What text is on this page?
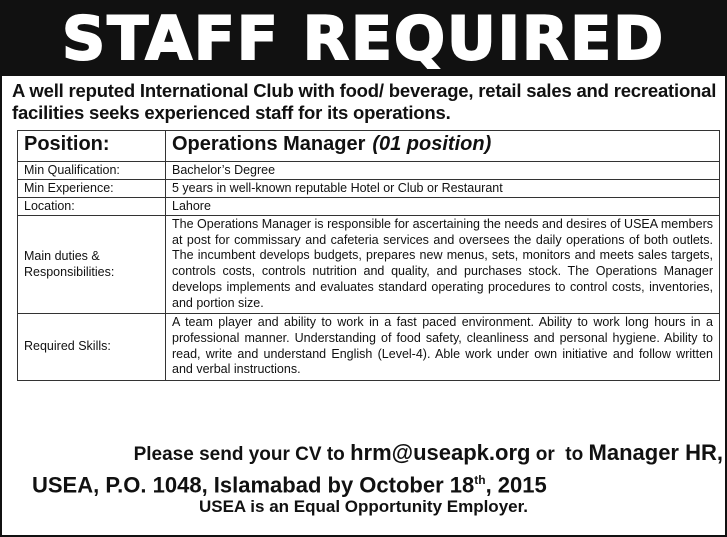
STAFF REQUIRED
A well reputed International Club with food/ beverage, retail sales and recreational facilities seeks experienced staff for its operations.
Position:	Operations Manager (01 position)
Min Qualification:	Bachelor’s Degree
Min Experience:	5 years in well-known reputable Hotel or Club or Restaurant
Location:	Lahore

Main duties &
Responsibilities:	The Operations Manager is responsible for ascertaining the needs and desires of USEA members at post for commissary and cafeteria services and oversees the daily operations of both outlets. The incumbent develops budgets, prepares new menus, sets, monitors and meets sales targets, controls costs, controls nutrition and quality, and purchases stock. The Operations Manager develops implements and evaluates standard operating procedures to control costs, inventories, and portion size.
Required Skills:	A team player and ability to work in a fast paced environment. Ability to work long hours in a professional manner. Understanding of food safety, cleanliness and personal hygiene. Ability to read, write and understand English (Level-4). Able work under own initiative and follow written and verbal instructions.
Please send your CV to hrm@useapk.org or to Manager HR,
USEA, P.O. 1048, Islamabad by October 18th, 2015
USEA is an Equal Opportunity Employer.
